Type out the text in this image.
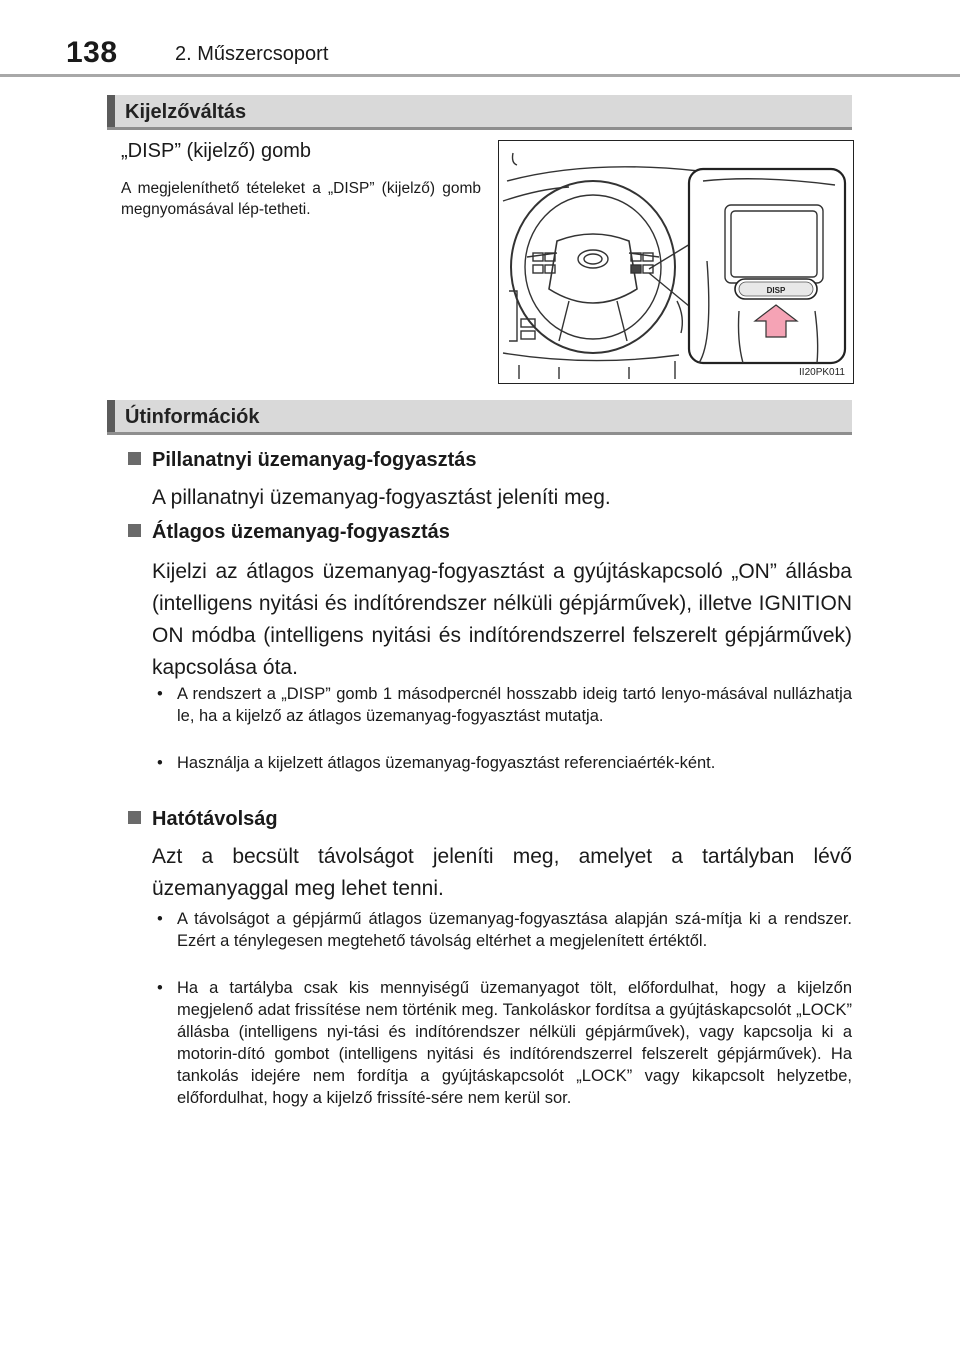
138	2. Műszercsoport
Kijelzőváltás
„DISP” (kijelző) gomb
A megjeleníthető tételeket a „DISP” (kijelző) gomb megnyomásával lép-tetheti.
DISP
II20PK011
Útinformációk
Pillanatnyi üzemanyag-fogyasztás
A pillanatnyi üzemanyag-fogyasztást jeleníti meg.
Átlagos üzemanyag-fogyasztás
Kijelzi az átlagos üzemanyag-fogyasztást a gyújtáskapcsoló „ON” állásba (intelligens nyitási és indítórendszer nélküli gépjárművek), illetve IGNITION ON módba (intelligens nyitási és indítórendszerrel felszerelt gépjárművek) kapcsolása óta.
• A rendszert a „DISP” gomb 1 másodpercnél hosszabb ideig tartó lenyo-másával nullázhatja le, ha a kijelző az átlagos üzemanyag-fogyasztást mutatja.
• Használja a kijelzett átlagos üzemanyag-fogyasztást referenciaérték-ként.
Hatótávolság
Azt a becsült távolságot jeleníti meg, amelyet a tartályban lévő üzemanyaggal meg lehet tenni.
• A távolságot a gépjármű átlagos üzemanyag-fogyasztása alapján szá-mítja ki a rendszer. Ezért a ténylegesen megtehető távolság eltérhet a megjelenített értéktől.
• Ha a tartályba csak kis mennyiségű üzemanyagot tölt, előfordulhat, hogy a kijelzőn megjelenő adat frissítése nem történik meg. Tankoláskor fordítsa a gyújtáskapcsolót „LOCK” állásba (intelligens nyi-tási és indítórendszer nélküli gépjárművek), vagy kapcsolja ki a motorin-dító gombot (intelligens nyitási és indítórendszerrel felszerelt gépjárművek). Ha tankolás idejére nem fordítja a gyújtáskapcsolót „LOCK” vagy kikapcsolt helyzetbe, előfordulhat, hogy a kijelző frissíté-sére nem kerül sor.
